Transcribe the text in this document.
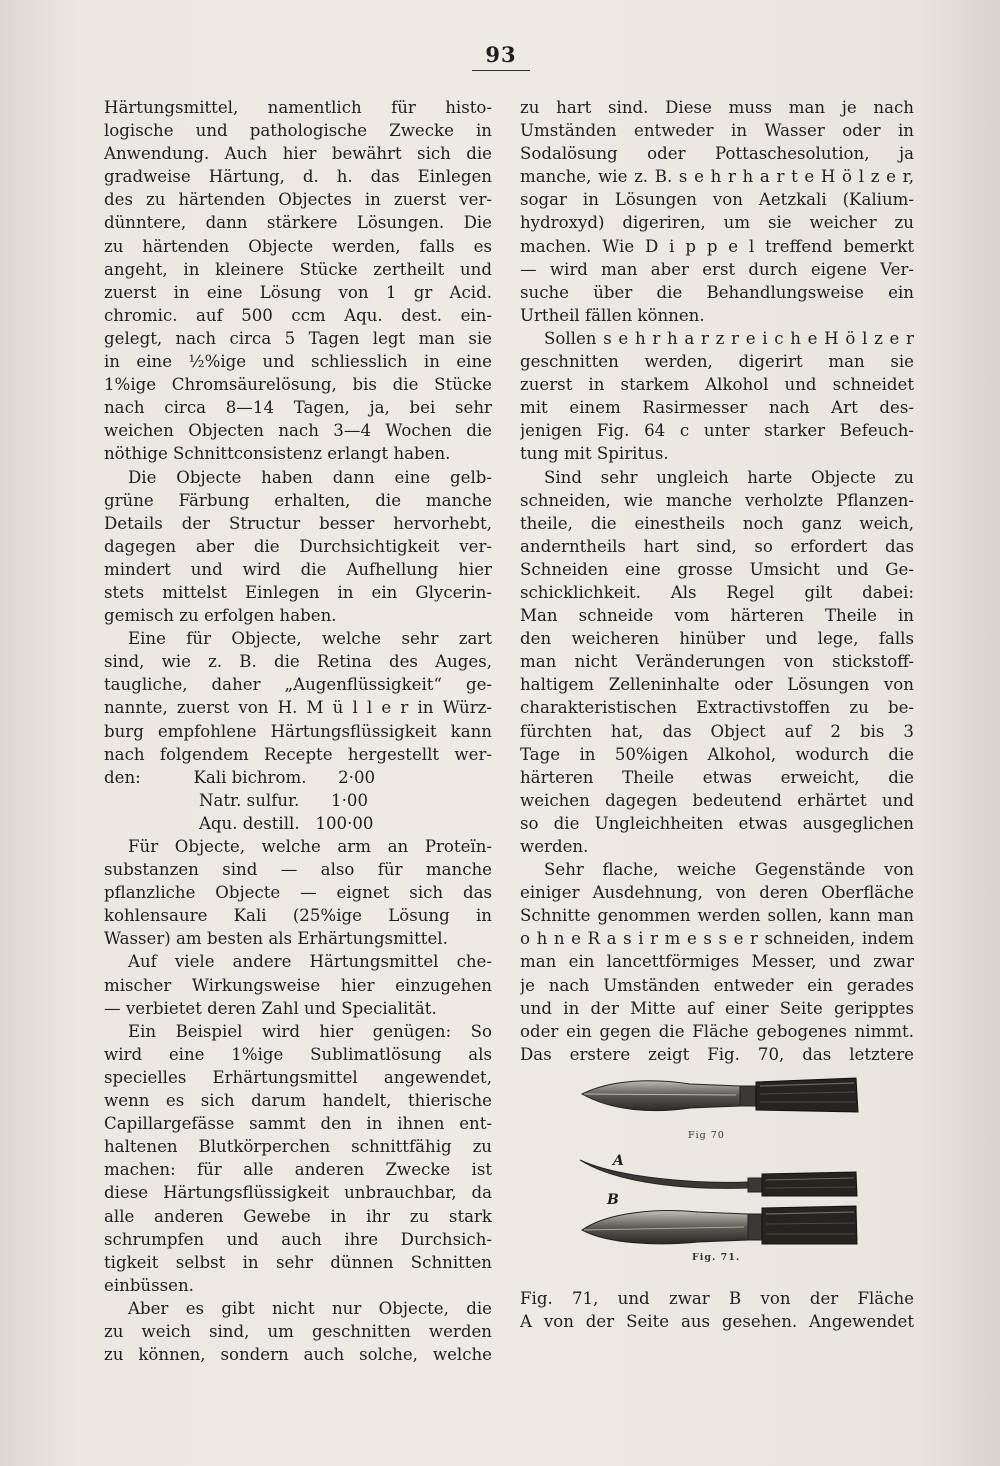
93
Härtungsmittel, namentlich für histo-
logische und pathologische Zwecke in
Anwendung. Auch hier bewährt sich die
gradweise Härtung, d. h. das Einlegen
des zu härtenden Objectes in zuerst ver-
dünntere, dann stärkere Lösungen. Die
zu härtenden Objecte werden, falls es
angeht, in kleinere Stücke zertheilt und
zuerst in eine Lösung von 1 gr Acid.
chromic. auf 500 ccm Aqu. dest. ein-
gelegt, nach circa 5 Tagen legt man sie
in eine ½%ige und schliesslich in eine
1%ige Chromsäurelösung, bis die Stücke
nach circa 8—14 Tagen, ja, bei sehr
weichen Objecten nach 3—4 Wochen die
nöthige Schnittconsistenz erlangt haben.
Die Objecte haben dann eine gelb-
grüne Färbung erhalten, die manche
Details der Structur besser hervorhebt,
dagegen aber die Durchsichtigkeit ver-
mindert und wird die Aufhellung hier
stets mittelst Einlegen in ein Glycerin-
gemisch zu erfolgen haben.
Eine für Objecte, welche sehr zart
sind, wie z. B. die Retina des Auges,
taugliche, daher „Augenflüssigkeit“ ge-
nannte, zuerst von H. M ü l l e r in Würz-
burg empfohlene Härtungsflüssigkeit kann
nach folgendem Recepte hergestellt wer-
den:          Kali bichrom.      2·00
Natr. sulfur.      1·00
Aqu. destill.   100·00
Für Objecte, welche arm an Proteïn-
substanzen sind — also für manche
pflanzliche Objecte — eignet sich das
kohlensaure Kali (25%ige Lösung in
Wasser) am besten als Erhärtungsmittel.
Auf viele andere Härtungsmittel che-
mischer Wirkungsweise hier einzugehen
— verbietet deren Zahl und Specialität.
Ein Beispiel wird hier genügen: So
wird eine 1%ige Sublimatlösung als
specielles Erhärtungsmittel angewendet,
wenn es sich darum handelt, thierische
Capillargefässe sammt den in ihnen ent-
haltenen Blutkörperchen schnittfähig zu
machen: für alle anderen Zwecke ist
diese Härtungsflüssigkeit unbrauchbar, da
alle anderen Gewebe in ihr zu stark
schrumpfen und auch ihre Durchsich-
tigkeit selbst in sehr dünnen Schnitten
einbüssen.
Aber es gibt nicht nur Objecte, die
zu weich sind, um geschnitten werden
zu können, sondern auch solche, welche
zu hart sind. Diese muss man je nach
Umständen entweder in Wasser oder in
Sodalösung oder Pottaschesolution, ja
manche, wie z. B. s e h r h a r t e H ö l z e r,
sogar in Lösungen von Aetzkali (Kalium-
hydroxyd) digeriren, um sie weicher zu
machen. Wie D i p p e l treffend bemerkt
— wird man aber erst durch eigene Ver-
suche über die Behandlungsweise ein
Urtheil fällen können.
Sollen s e h r h a r z r e i c h e H ö l z e r
geschnitten werden, digerirt man sie
zuerst in starkem Alkohol und schneidet
mit einem Rasirmesser nach Art des-
jenigen Fig. 64 c unter starker Befeuch-
tung mit Spiritus.
Sind sehr ungleich harte Objecte zu
schneiden, wie manche verholzte Pflanzen-
theile, die einestheils noch ganz weich,
anderntheils hart sind, so erfordert das
Schneiden eine grosse Umsicht und Ge-
schicklichkeit. Als Regel gilt dabei:
Man schneide vom härteren Theile in
den weicheren hinüber und lege, falls
man nicht Veränderungen von stickstoff-
haltigem Zelleninhalte oder Lösungen von
charakteristischen Extractivstoffen zu be-
fürchten hat, das Object auf 2 bis 3
Tage in 50%igen Alkohol, wodurch die
härteren Theile etwas erweicht, die
weichen dagegen bedeutend erhärtet und
so die Ungleichheiten etwas ausgeglichen
werden.
Sehr flache, weiche Gegenstände von
einiger Ausdehnung, von deren Oberfläche
Schnitte genommen werden sollen, kann man
o h n e R a s i r m e s s e r schneiden, indem
man ein lancettförmiges Messer, und zwar
je nach Umständen entweder ein gerades
und in der Mitte auf einer Seite geripptes
oder ein gegen die Fläche gebogenes nimmt.
Das erstere zeigt Fig. 70, das letztere
Fig 70
A
B
Fig. 71.
Fig. 71, und zwar B von der Fläche
A von der Seite aus gesehen. Angewendet
